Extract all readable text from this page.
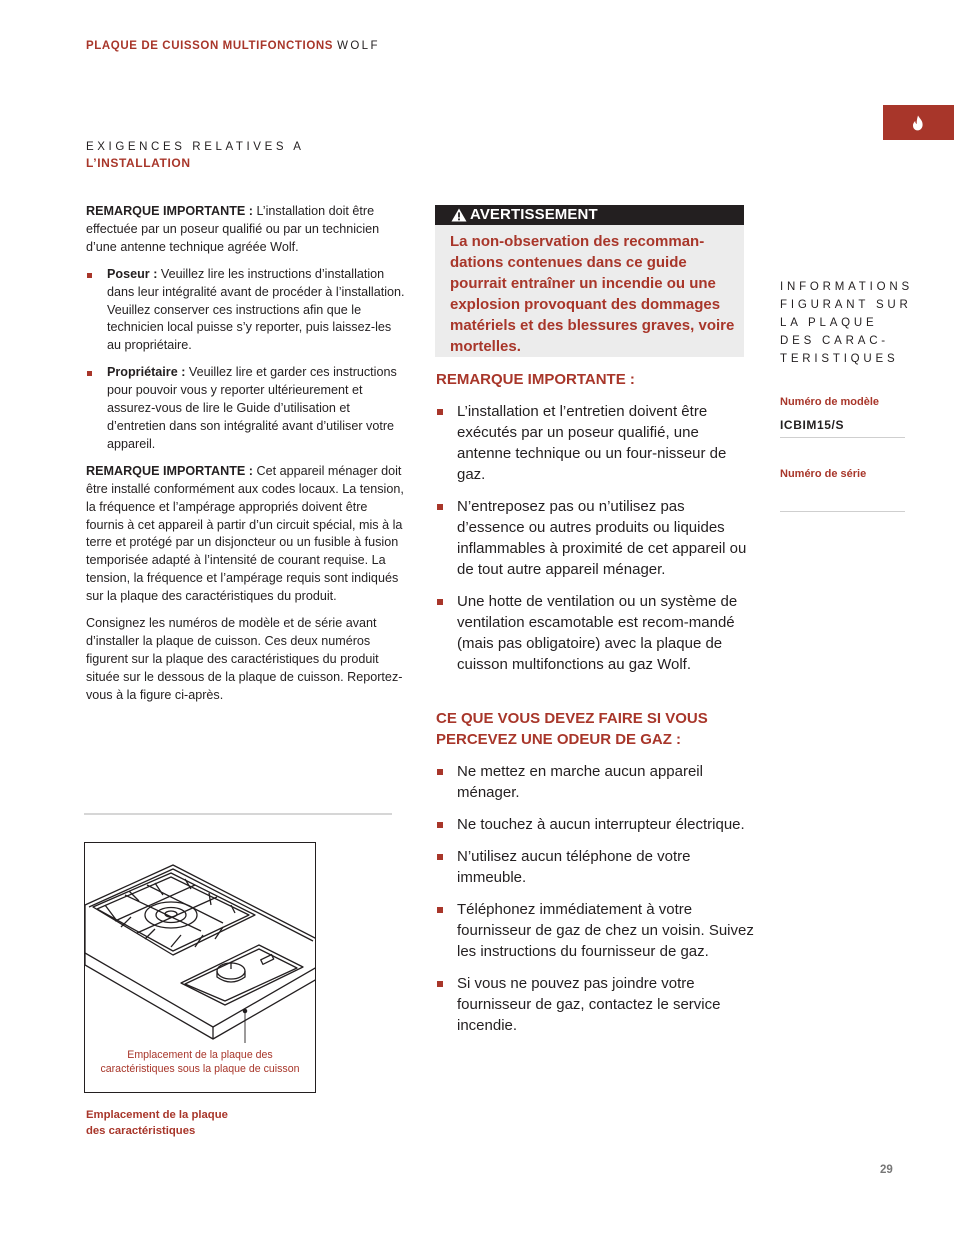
PLAQUE DE CUISSON MULTIFONCTIONS WOLF
EXIGENCES RELATIVES A
L’INSTALLATION

REMARQUE IMPORTANTE : L’installation doit être effectuée par un poseur qualifié ou par un technicien d’une antenne technique agréée Wolf.

Poseur : Veuillez lire les instructions d’installation dans leur intégralité avant de procéder à l’installation. Veuillez conserver ces instructions afin que le technicien local puisse s’y reporter, puis laissez-les au propriétaire.
Propriétaire : Veuillez lire et garder ces instructions pour pouvoir vous y reporter ultérieurement et assurez-vous de lire le Guide d’utilisation et d’entretien dans son intégralité avant d’utiliser votre appareil.

REMARQUE IMPORTANTE : Cet appareil ménager doit être installé conformément aux codes locaux. La tension, la fréquence et l’ampérage appropriés doivent être fournis à cet appareil à partir d’un circuit spécial, mis à la terre et protégé par un disjoncteur ou un fusible à fusion temporisée adapté à l’intensité de courant requise. La tension, la fréquence et l’ampérage requis sont indiqués sur la plaque des caractéristiques du produit.

Consignez les numéros de modèle et de série avant d’installer la plaque de cuisson. Ces deux numéros figurent sur la plaque des caractéristiques du produit située sur le dessous de la plaque de cuisson. Reportez-vous à la figure ci-après.

Emplacement de la plaque des caractéristiques sous la plaque de cuisson
Emplacement de la plaque
des caractéristiques
AVERTISSEMENT
La non-observation des recomman-dations contenues dans ce guide pourrait entraîner un incendie ou une explosion provoquant des dommages matériels et des blessures graves, voire mortelles.
REMARQUE IMPORTANTE :
L’installation et l’entretien doivent être exécutés par un poseur qualifié, une antenne technique ou un four-nisseur de gaz.
N’entreposez pas ou n’utilisez pas d’essence ou autres produits ou liquides inflammables à proximité de cet appareil ou de tout autre appareil ménager.
Une hotte de ventilation ou un système de ventilation escamotable est recom-mandé (mais pas obligatoire) avec la plaque de cuisson multifonctions au gaz Wolf.
CE QUE VOUS DEVEZ FAIRE SI VOUS PERCEVEZ UNE ODEUR DE GAZ :
Ne mettez en marche aucun appareil ménager.
Ne touchez à aucun interrupteur électrique.
N’utilisez aucun téléphone de votre immeuble.
Téléphonez immédiatement à votre fournisseur de gaz de chez un voisin. Suivez les instructions du fournisseur de gaz.
Si vous ne pouvez pas joindre votre fournisseur de gaz, contactez le service incendie.
INFORMATIONS
FIGURANT SUR
LA PLAQUE
DES CARAC-
TERISTIQUES
Numéro de modèle
ICBIM15/S
Numéro de série
29
